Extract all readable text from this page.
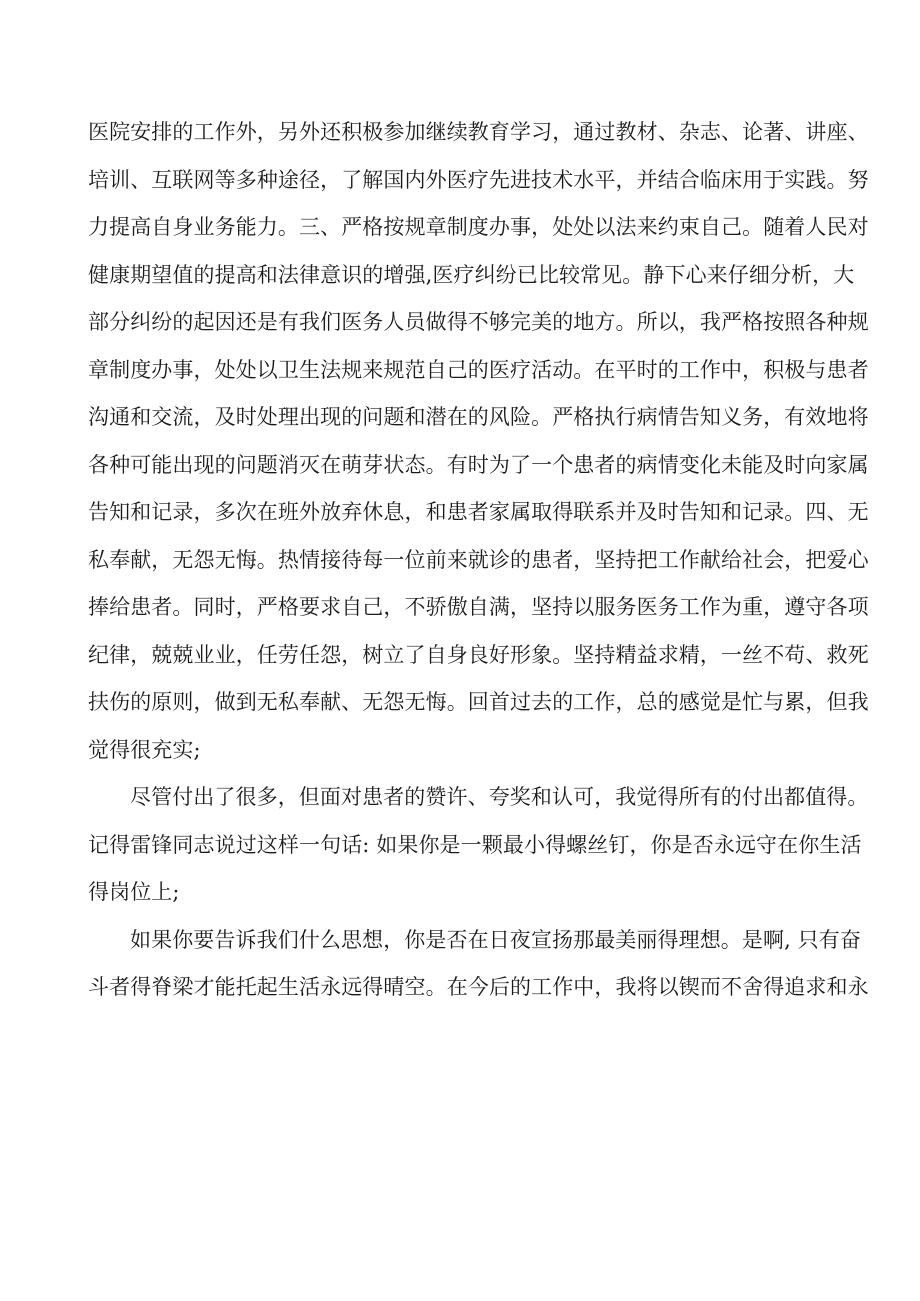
医院安排的工作外，另外还积极参加继续教育学习，通过教材、杂志、论著、讲座、
培训、互联网等多种途径，了解国内外医疗先进技术水平，并结合临床用于实践。努
力提高自身业务能力。三、严格按规章制度办事，处处以法来约束自己。随着人民对
健康期望值的提高和法律意识的增强,医疗纠纷已比较常见。静下心来仔细分析，大
部分纠纷的起因还是有我们医务人员做得不够完美的地方。所以，我严格按照各种规
章制度办事，处处以卫生法规来规范自己的医疗活动。在平时的工作中，积极与患者
沟通和交流，及时处理出现的问题和潜在的风险。严格执行病情告知义务，有效地将
各种可能出现的问题消灭在萌芽状态。有时为了一个患者的病情变化未能及时向家属
告知和记录，多次在班外放弃休息，和患者家属取得联系并及时告知和记录。四、无
私奉献，无怨无悔。热情接待每一位前来就诊的患者，坚持把工作献给社会，把爱心
捧给患者。同时，严格要求自己，不骄傲自满，坚持以服务医务工作为重，遵守各项
纪律，兢兢业业，任劳任怨，树立了自身良好形象。坚持精益求精，一丝不苟、救死
扶伤的原则，做到无私奉献、无怨无悔。回首过去的工作，总的感觉是忙与累，但我
觉得很充实;
尽管付出了很多，但面对患者的赞许、夸奖和认可，我觉得所有的付出都值得。
记得雷锋同志说过这样一句话: 如果你是一颗最小得螺丝钉，你是否永远守在你生活
得岗位上;
如果你要告诉我们什么思想，你是否在日夜宣扬那最美丽得理想。是啊, 只有奋
斗者得脊梁才能托起生活永远得晴空。在今后的工作中，我将以锲而不舍得追求和永
